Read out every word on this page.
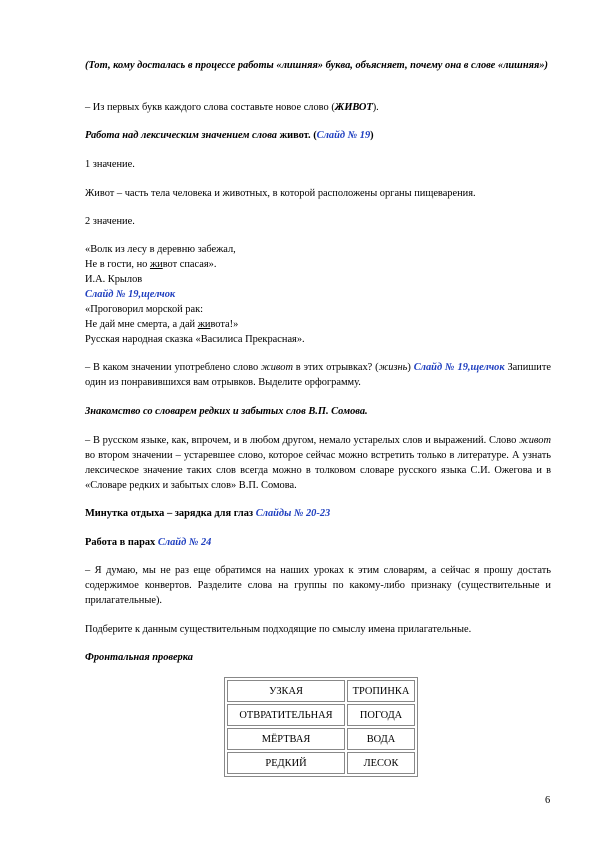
(Тот, кому досталась в процессе работы «лишняя» буква, объясняет, почему она в слове «лишняя»)

– Из первых букв каждого слова составьте новое слово (ЖИВОТ).

Работа над лексическим значением слова живот. (Слайд № 19)

1 значение.

Живот – часть тела человека и животных, в которой расположены органы пищеварения.

2 значение.

«Волк из лесу в деревню забежал,

Не в гости, но живот спасая».

И.А. Крылов

Слайд № 19,щелчок

«Проговорил морской рак:

Не дай мне смерта, а дай живота!»

Русская народная сказка «Василиса Прекрасная».

– В каком значении употреблено слово живот в этих отрывках? (жизнь) Слайд № 19,щелчок Запишите один из понравившихся вам отрывков. Выделите орфограмму.

Знакомство со словарем редких и забытых слов В.П. Сомова.

– В русском языке, как, впрочем, и в любом другом, немало устарелых слов и выражений. Слово живот во втором значении – устаревшее слово, которое сейчас можно встретить только в литературе. А узнать лексическое значение таких слов всегда можно в толковом словаре русского языка С.И. Ожегова и в «Словаре редких и забытых слов» В.П. Сомова.

Минутка отдыха – зарядка для глаз Слайды № 20-23

Работа в парах Слайд № 24

– Я думаю, мы не раз еще обратимся на наших уроках к этим словарям, а сейчас я прошу достать содержимое конвертов. Разделите слова на группы по какому-либо признаку (существительные и прилагательные).

Подберите к данным существительным подходящие по смыслу имена прилагательные.

Фронтальная проверка

УЗКАЯ	ТРОПИНКА
ОТВРАТИТЕЛЬНАЯ	ПОГОДА
МЁРТВАЯ	ВОДА
РЕДКИЙ	ЛЕСОК
6
